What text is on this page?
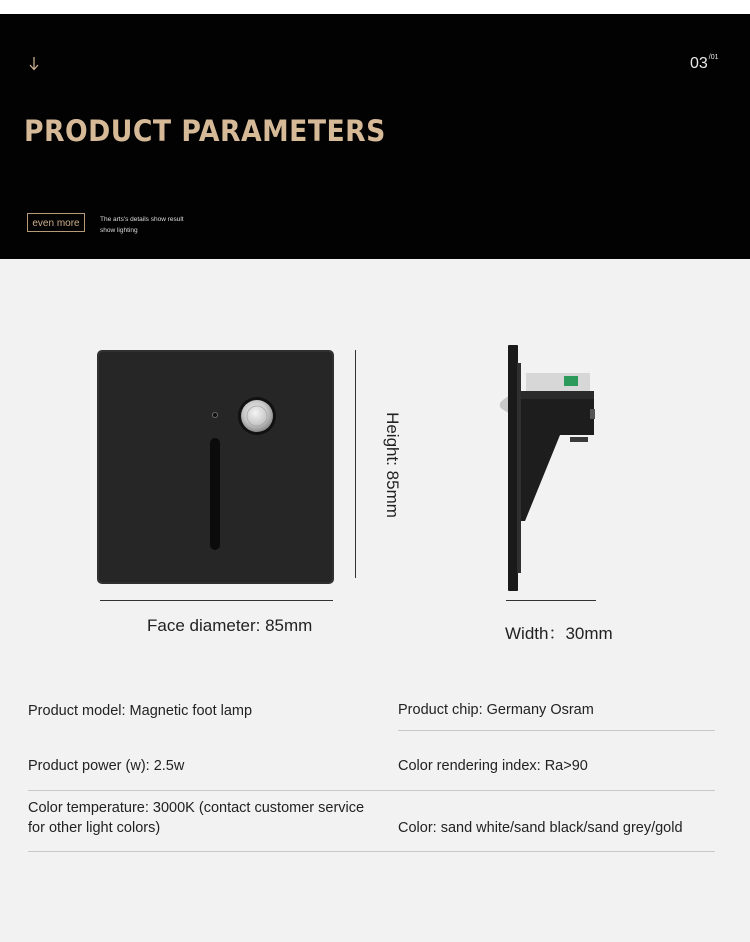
$03^{/01}$
PRODUCT PARAMETERS
even more	The arts's details show result
show lighting
Height: 85mm
Face diameter: 85mm	Width：30mm
Product model: Magnetic foot lamp	Product chip: Germany Osram
Product power (w): 2.5w	Color rendering index: Ra>90
Color temperature: 3000K (contact customer service for other light colors)	Color: sand white/sand black/sand grey/gold
